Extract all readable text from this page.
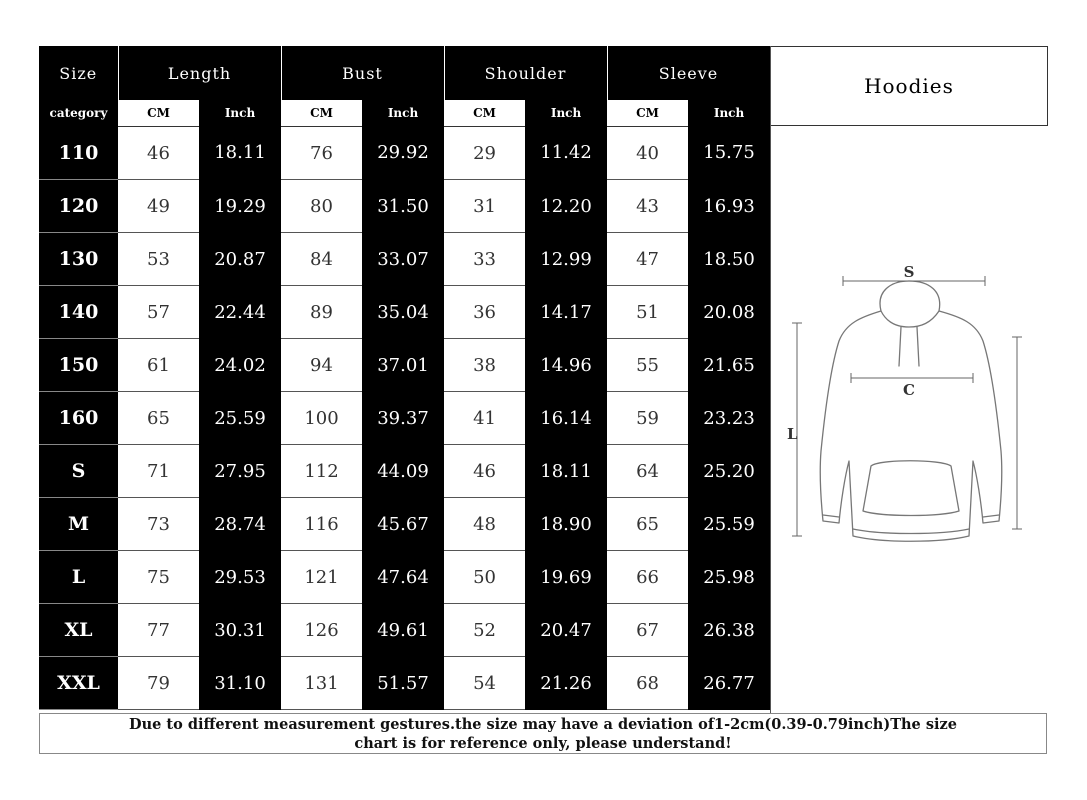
Size	Length		Bust		Shoulder		Sleeve	
category	CM	Inch	CM	Inch	CM	Inch	CM	Inch
110	46	18.11	76	29.92	29	11.42	40	15.75
120	49	19.29	80	31.50	31	12.20	43	16.93
130	53	20.87	84	33.07	33	12.99	47	18.50
140	57	22.44	89	35.04	36	14.17	51	20.08
150	61	24.02	94	37.01	38	14.96	55	21.65
160	65	25.59	100	39.37	41	16.14	59	23.23
S	71	27.95	112	44.09	46	18.11	64	25.20
M	73	28.74	116	45.67	48	18.90	65	25.59
L	75	29.53	121	47.64	50	19.69	66	25.98
XL	77	30.31	126	49.61	52	20.47	67	26.38
XXL	79	31.10	131	51.57	54	21.26	68	26.77
Hoodies
S
C
L
Due to different measurement gestures.the size may have a deviation of1-2cm(0.39-0.79inch)The size
chart is for reference only, please understand!
